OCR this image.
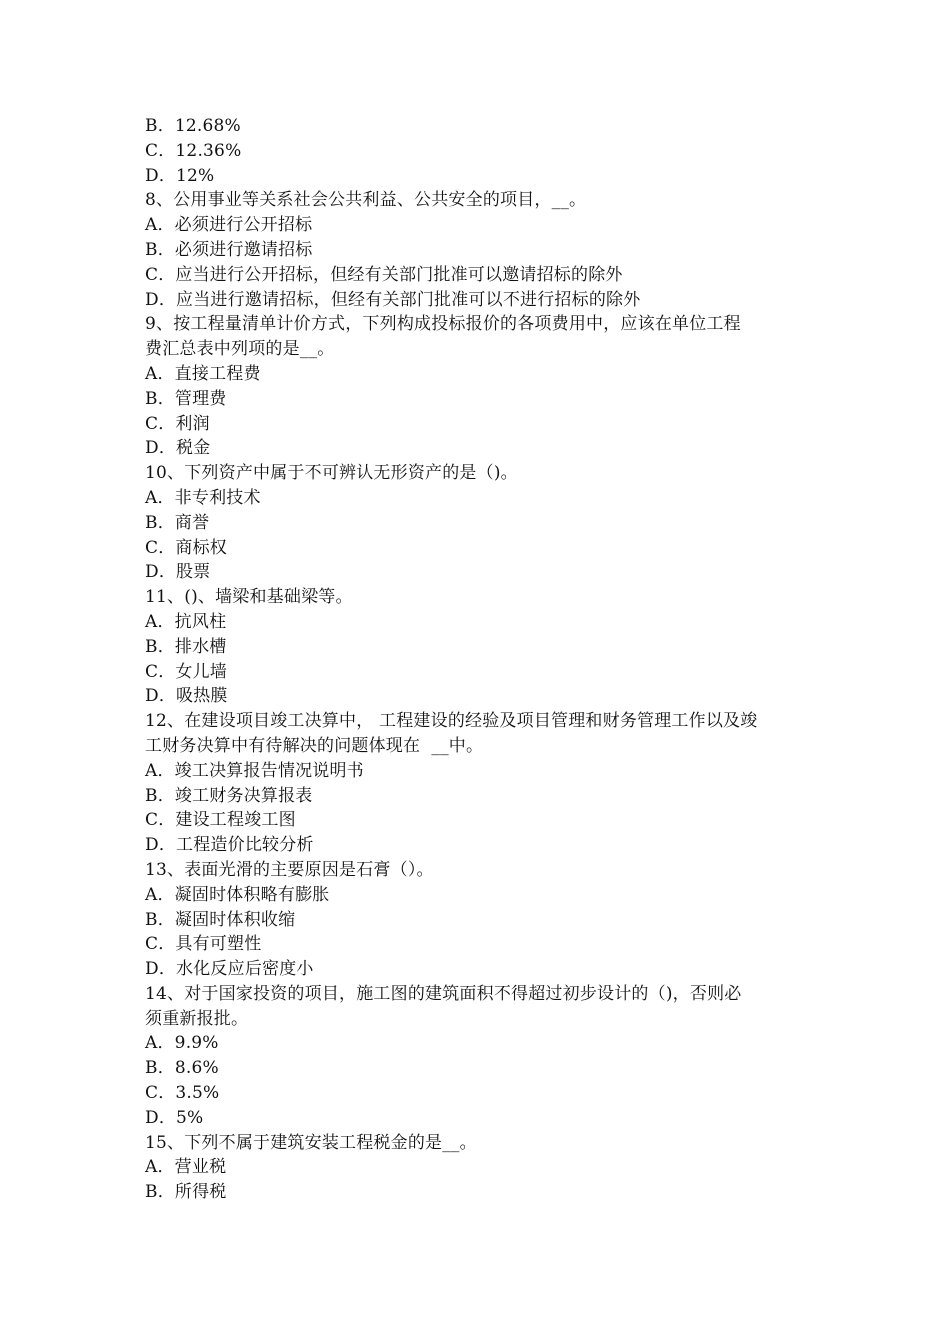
B．12.68%
C．12.36%
D．12%
8、公用事业等关系社会公共利益、公共安全的项目，__。
A．必须进行公开招标
B．必须进行邀请招标
C．应当进行公开招标，但经有关部门批准可以邀请招标的除外
D．应当进行邀请招标，但经有关部门批准可以不进行招标的除外
9、按工程量清单计价方式，下列构成投标报价的各项费用中，应该在单位工程
费汇总表中列项的是__。
A．直接工程费
B．管理费
C．利润
D．税金
10、下列资产中属于不可辨认无形资产的是（)。
A．非专利技术
B．商誉
C．商标权
D．股票
11、()、墙梁和基础梁等。
A．抗风柱
B．排水槽
C．女儿墙
D．吸热膜
12、在建设项目竣工决算中， 工程建设的经验及项目管理和财务管理工作以及竣
工财务决算中有待解决的问题体现在  __中。
A．竣工决算报告情况说明书
B．竣工财务决算报表
C．建设工程竣工图
D．工程造价比较分析
13、表面光滑的主要原因是石膏（）。
A．凝固时体积略有膨胀
B．凝固时体积收缩
C．具有可塑性
D．水化反应后密度小
14、对于国家投资的项目，施工图的建筑面积不得超过初步设计的（)，否则必
须重新报批。
A．9.9%
B．8.6%
C．3.5%
D．5%
15、下列不属于建筑安装工程税金的是__。
A．营业税
B．所得税
